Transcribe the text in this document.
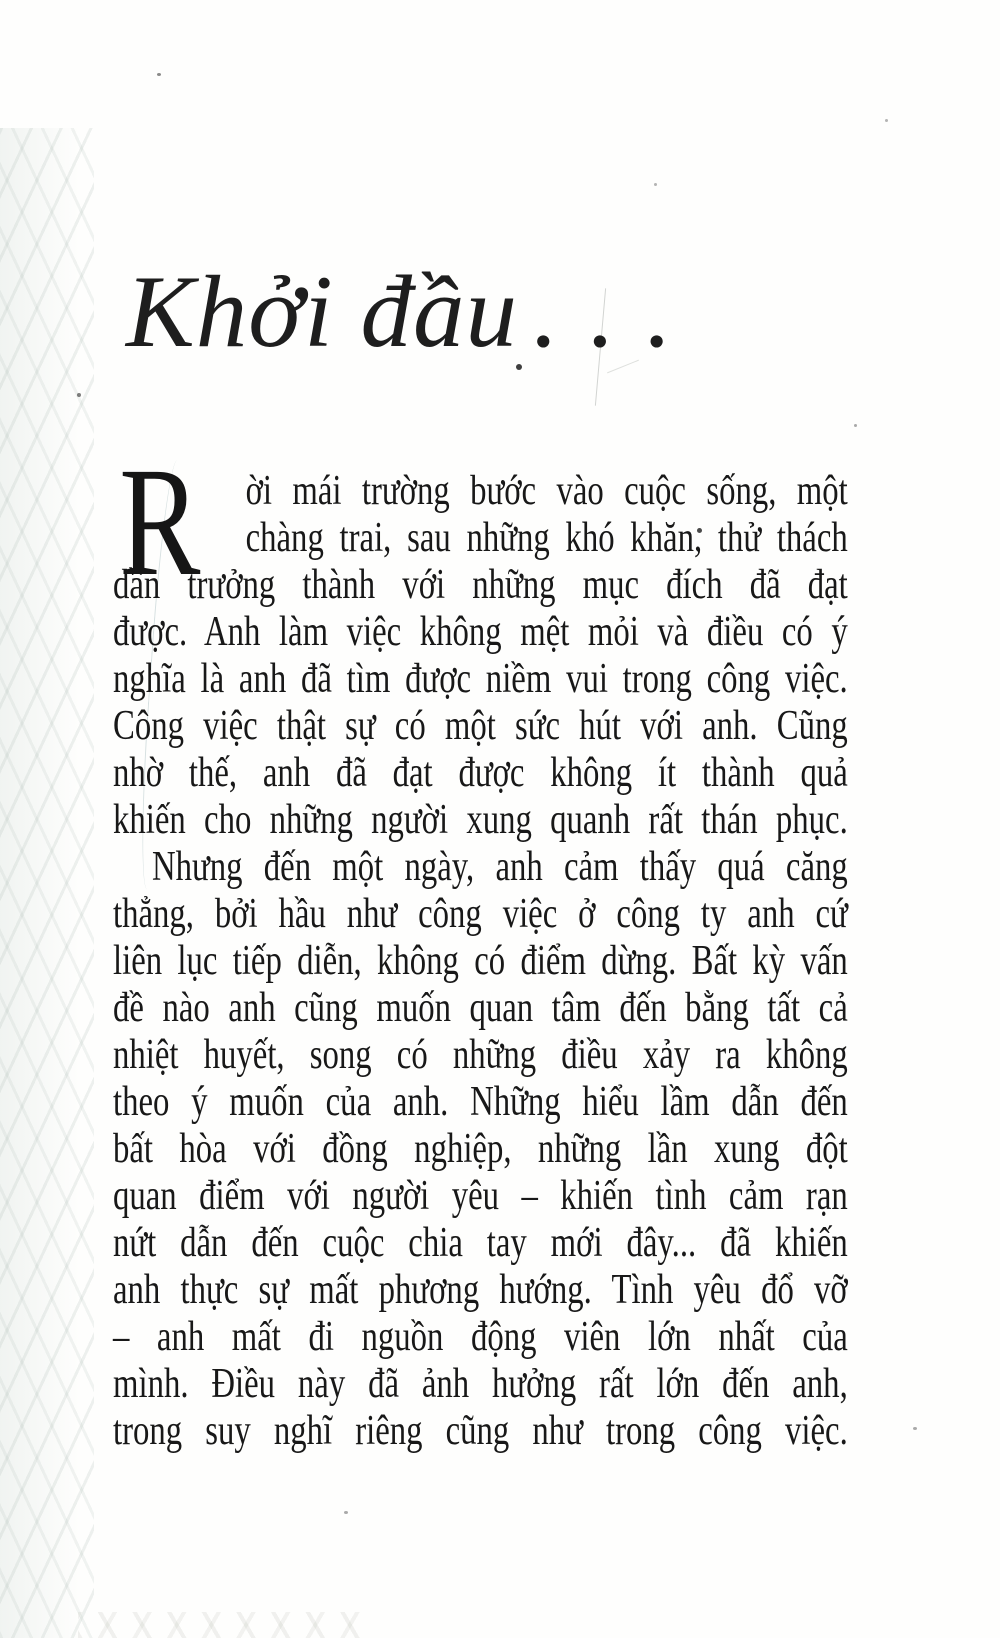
Khởi đầu ...
R	ời mái trường bước vào cuộc sống, một
chàng trai, sau những khó khăn, thử thách
dần trưởng thành với những mục đích đã đạt
được. Anh làm việc không mệt mỏi và điều có ý
nghĩa là anh đã tìm được niềm vui trong công việc.
Công việc thật sự có một sức hút với anh. Cũng
nhờ thế, anh đã đạt được không ít thành quả
khiến cho những người xung quanh rất thán phục.
Nhưng đến một ngày, anh cảm thấy quá căng
thẳng, bởi hầu như công việc ở công ty anh cứ
liên lục tiếp diễn, không có điểm dừng. Bất kỳ vấn
đề nào anh cũng muốn quan tâm đến bằng tất cả
nhiệt huyết, song có những điều xảy ra không
theo ý muốn của anh. Những hiểu lầm dẫn đến
bất hòa với đồng nghiệp, những lần xung đột
quan điểm với người yêu – khiến tình cảm rạn
nứt dẫn đến cuộc chia tay mới đây... đã khiến
anh thực sự mất phương hướng. Tình yêu đổ vỡ
– anh mất đi nguồn động viên lớn nhất của
mình. Điều này đã ảnh hưởng rất lớn đến anh,
trong suy nghĩ riêng cũng như trong công việc.
